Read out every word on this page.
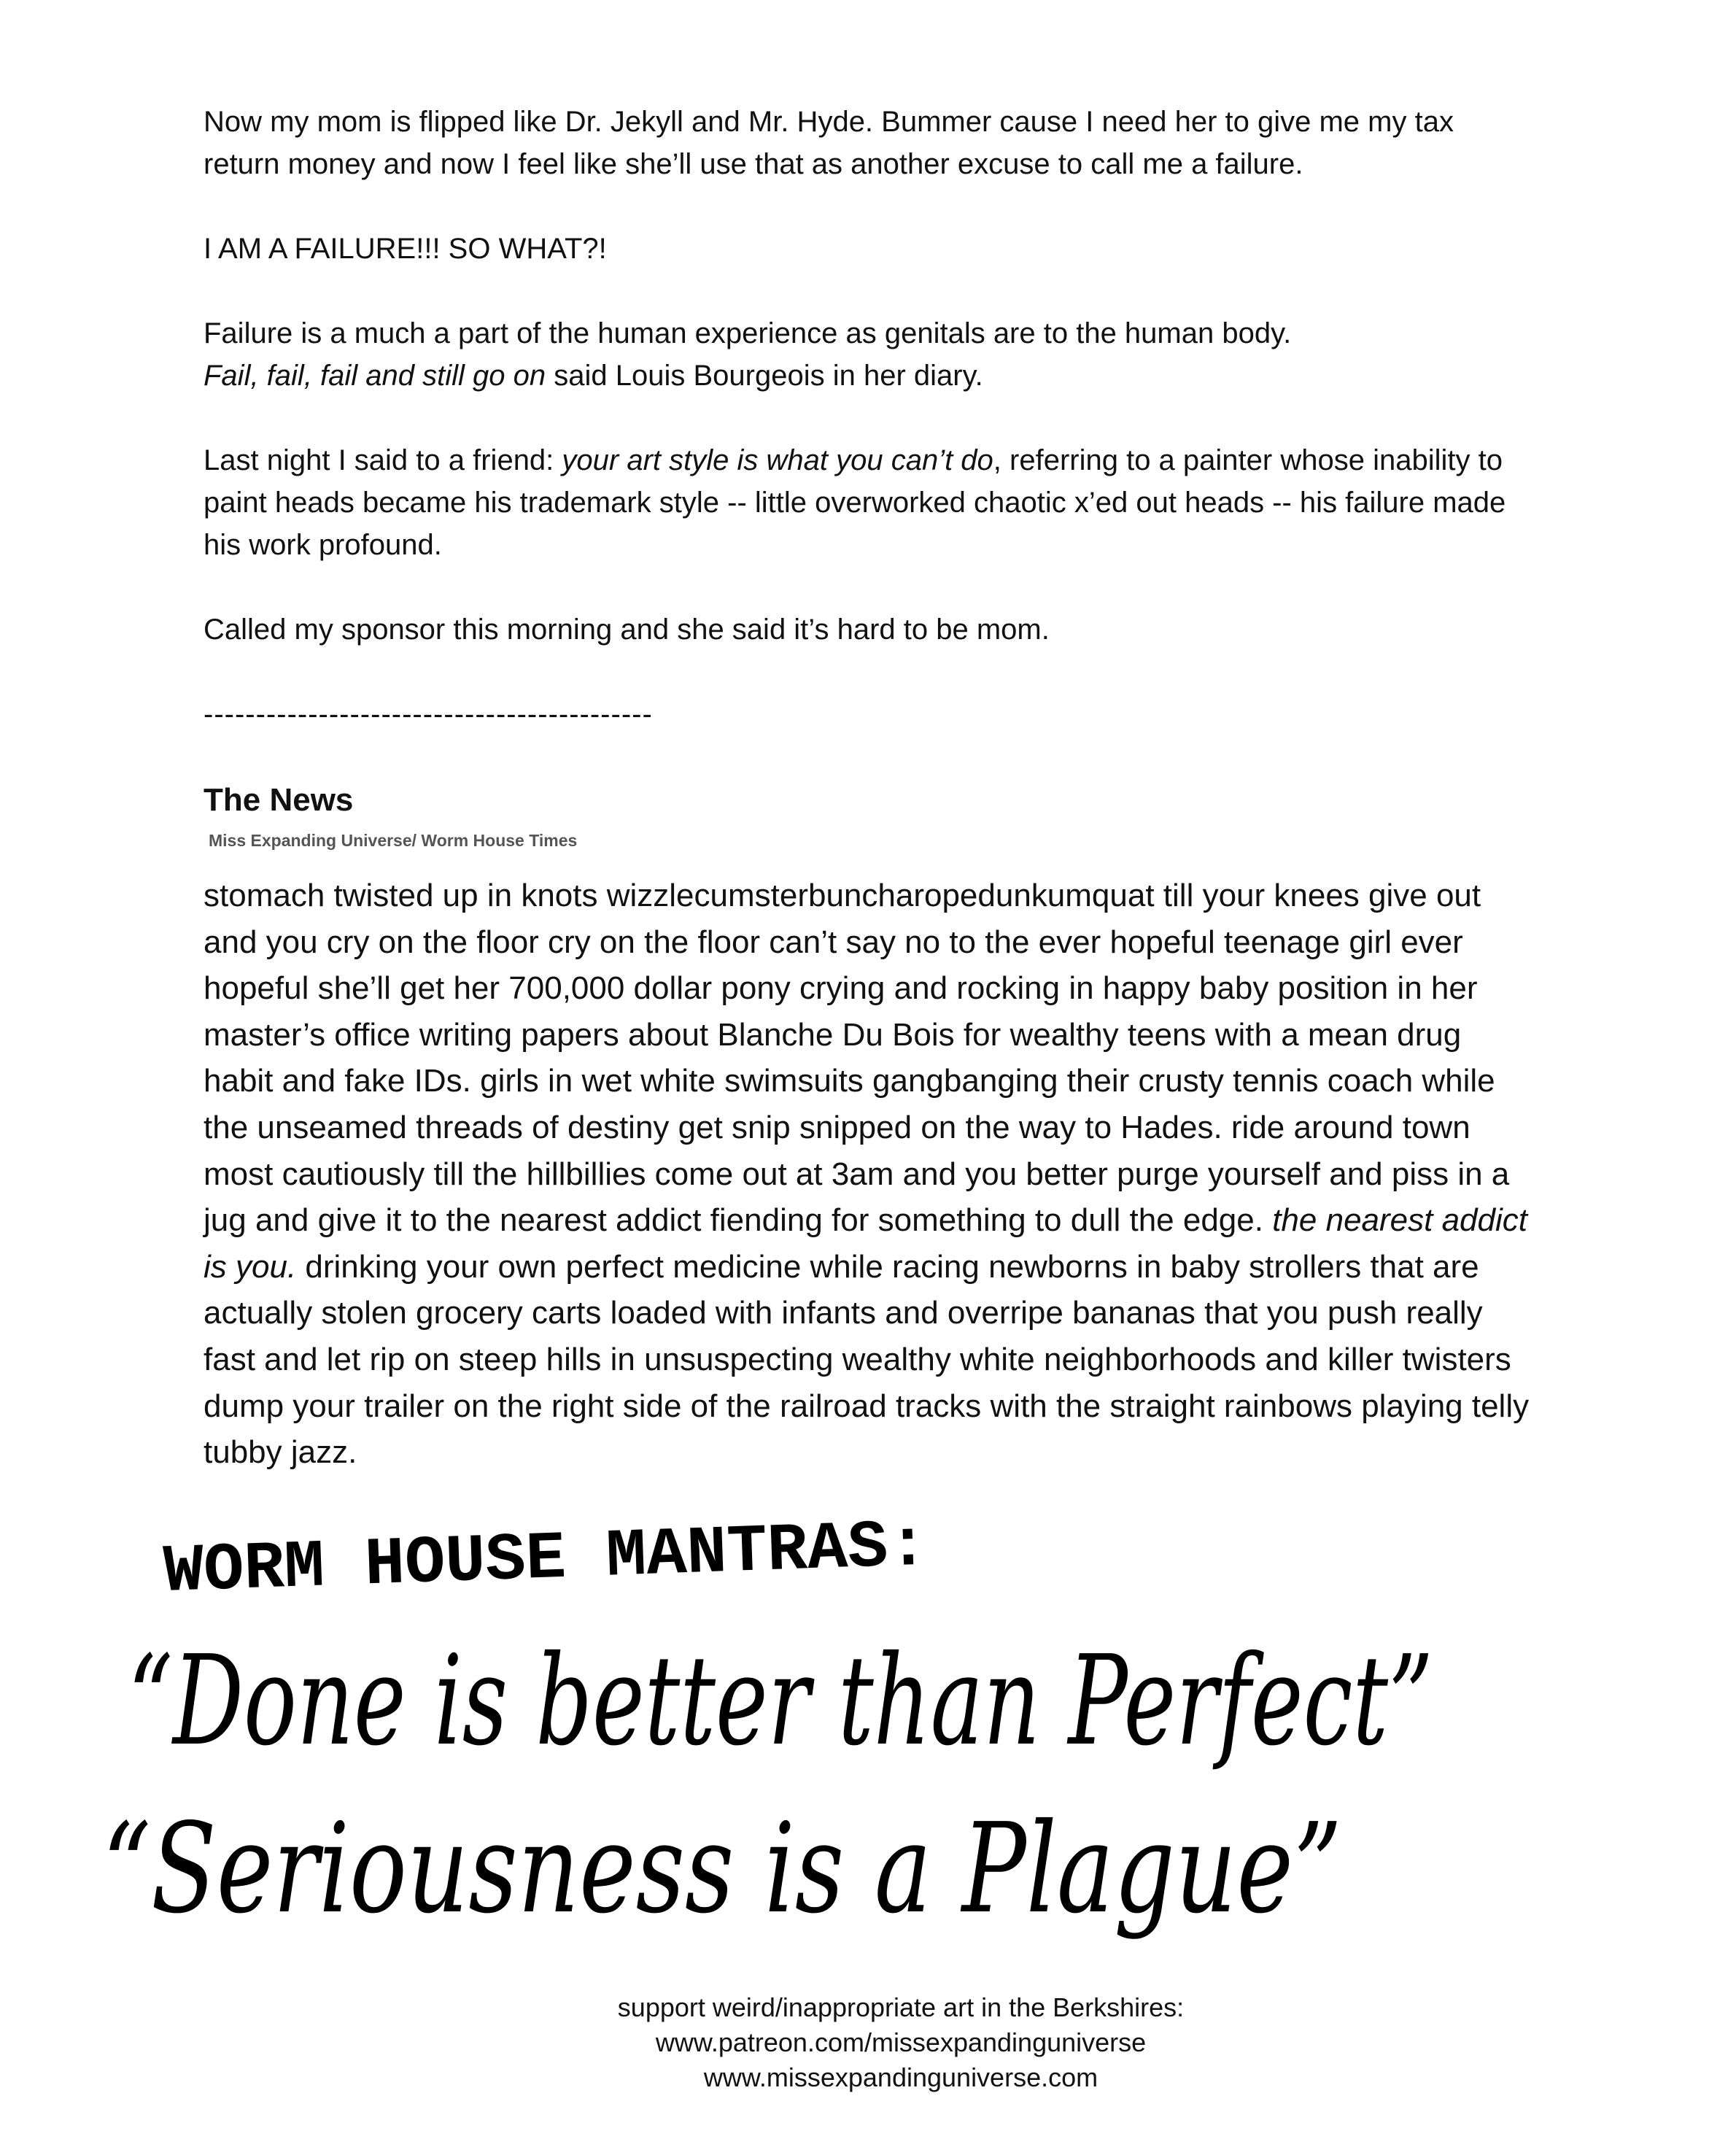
Now my mom is flipped like Dr. Jekyll and Mr. Hyde. Bummer cause I need her to give me my tax return money and now I feel like she’ll use that as another excuse to call me a failure.

I AM A FAILURE!!! SO WHAT?!

Failure is a much a part of the human experience as genitals are to the human body.
Fail, fail, fail and still go on said Louis Bourgeois in her diary.

Last night I said to a friend: your art style is what you can’t do, referring to a painter whose inability to paint heads became his trademark style -- little overworked chaotic x’ed out heads -- his failure made his work profound.

Called my sponsor this morning and she said it’s hard to be mom.

-------------------------------------------
The News
Miss Expanding Universe/ Worm House Times

stomach twisted up in knots wizzlecumsterbuncharopedunkumquat till your knees give out and you cry on the floor cry on the floor can’t say no to the ever hopeful teenage girl ever hopeful she’ll get her 700,000 dollar pony crying and rocking in happy baby position in her master’s office writing papers about Blanche Du Bois for wealthy teens with a mean drug habit and fake IDs. girls in wet white swimsuits gangbanging their crusty tennis coach while the unseamed threads of destiny get snip snipped on the way to Hades. ride around town most cautiously till the hillbillies come out at 3am and you better purge yourself and piss in a jug and give it to the nearest addict fiending for something to dull the edge. the nearest addict is you. drinking your own perfect medicine while racing newborns in baby strollers that are actually stolen grocery carts loaded with infants and overripe bananas that you push really fast and let rip on steep hills in unsuspecting wealthy white neighborhoods and killer twisters dump your trailer on the right side of the railroad tracks with the straight rainbows playing telly tubby jazz.

WORM HOUSE MANTRAS:
“Done is better than Perfect”
“Seriousness is a Plague”
support weird/inappropriate art in the Berkshires:
www.patreon.com/missexpandinguniverse
www.missexpandinguniverse.com
